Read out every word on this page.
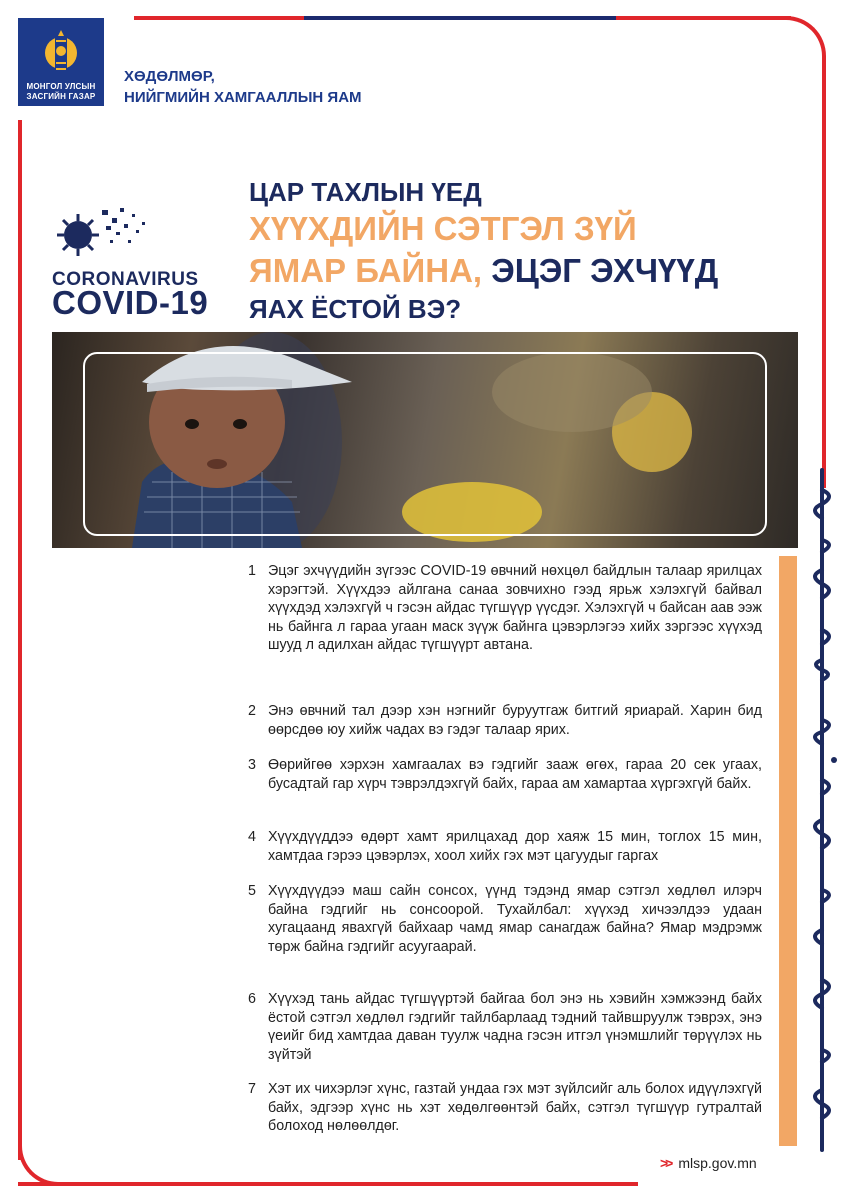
МОНГОЛ УЛСЫН
ЗАСГИЙН ГАЗАР
ХӨДӨЛМӨР,
НИЙГМИЙН ХАМГААЛЛЫН ЯАМ
CORONAVIRUS
COVID-19
ЦАР ТАХЛЫН ҮЕД
ХҮҮХДИЙН СЭТГЭЛ ЗҮЙ
ЯМАР БАЙНА, ЭЦЭГ ЭХЧҮҮД
ЯАХ ЁСТОЙ ВЭ?
1 Эцэг эхчүүдийн зүгээс COVID-19 өвчний нөхцөл байдлын талаар ярилцах хэрэгтэй. Хүүхдээ айлгана санаа зовчихно гээд ярьж хэлэхгүй байвал хүүхдэд хэлэхгүй ч гэсэн айдас түгшүүр үүсдэг. Хэлэхгүй ч байсан аав ээж нь байнга л гараа угаан маск зүүж байнга цэвэрлэгээ хийх зэргээс хүүхэд шууд л адилхан айдас түгшүүрт автана.
2 Энэ өвчний тал дээр хэн нэгнийг буруутгаж битгий яриарай. Харин бид өөрсдөө юу хийж чадах вэ гэдэг талаар ярих.
3 Өөрийгөө хэрхэн хамгаалах вэ гэдгийг зааж өгөх, гараа 20 сек угаах, бусадтай гар хүрч тэврэлдэхгүй байх, гараа ам хамартаа хүргэхгүй байх.
4 Хүүхдүүддээ өдөрт хамт ярилцахад дор хаяж 15 мин, тоглох 15 мин, хамтдаа гэрээ цэвэрлэх, хоол хийх гэх мэт цагуудыг гаргах
5 Хүүхдүүдээ маш сайн сонсох, үүнд тэдэнд ямар сэтгэл хөдлөл илэрч байна гэдгийг нь сонсоорой. Тухайлбал: хүүхэд хичээлдээ удаан хугацаанд явахгүй байхаар чамд ямар санагдаж байна? Ямар мэдрэмж төрж байна гэдгийг асуугаарай.
6 Хүүхэд тань айдас түгшүүртэй байгаа бол энэ нь хэвийн хэмжээнд байх ёстой сэтгэл хөдлөл гэдгийг тайлбарлаад тэдний тайвшруулж тэврэх, энэ үеийг бид хамтдаа даван туулж чадна гэсэн итгэл үнэмшлийг төрүүлэх нь зүйтэй
7 Хэт их чихэрлэг хүнс, газтай ундаа гэх мэт зүйлсийг аль болох идүүлэхгүй байх, эдгээр хүнс нь хэт хөдөлгөөнтэй байх, сэтгэл түгшүүр гутралтай болоход нөлөөлдөг.
>> mlsp.gov.mn
